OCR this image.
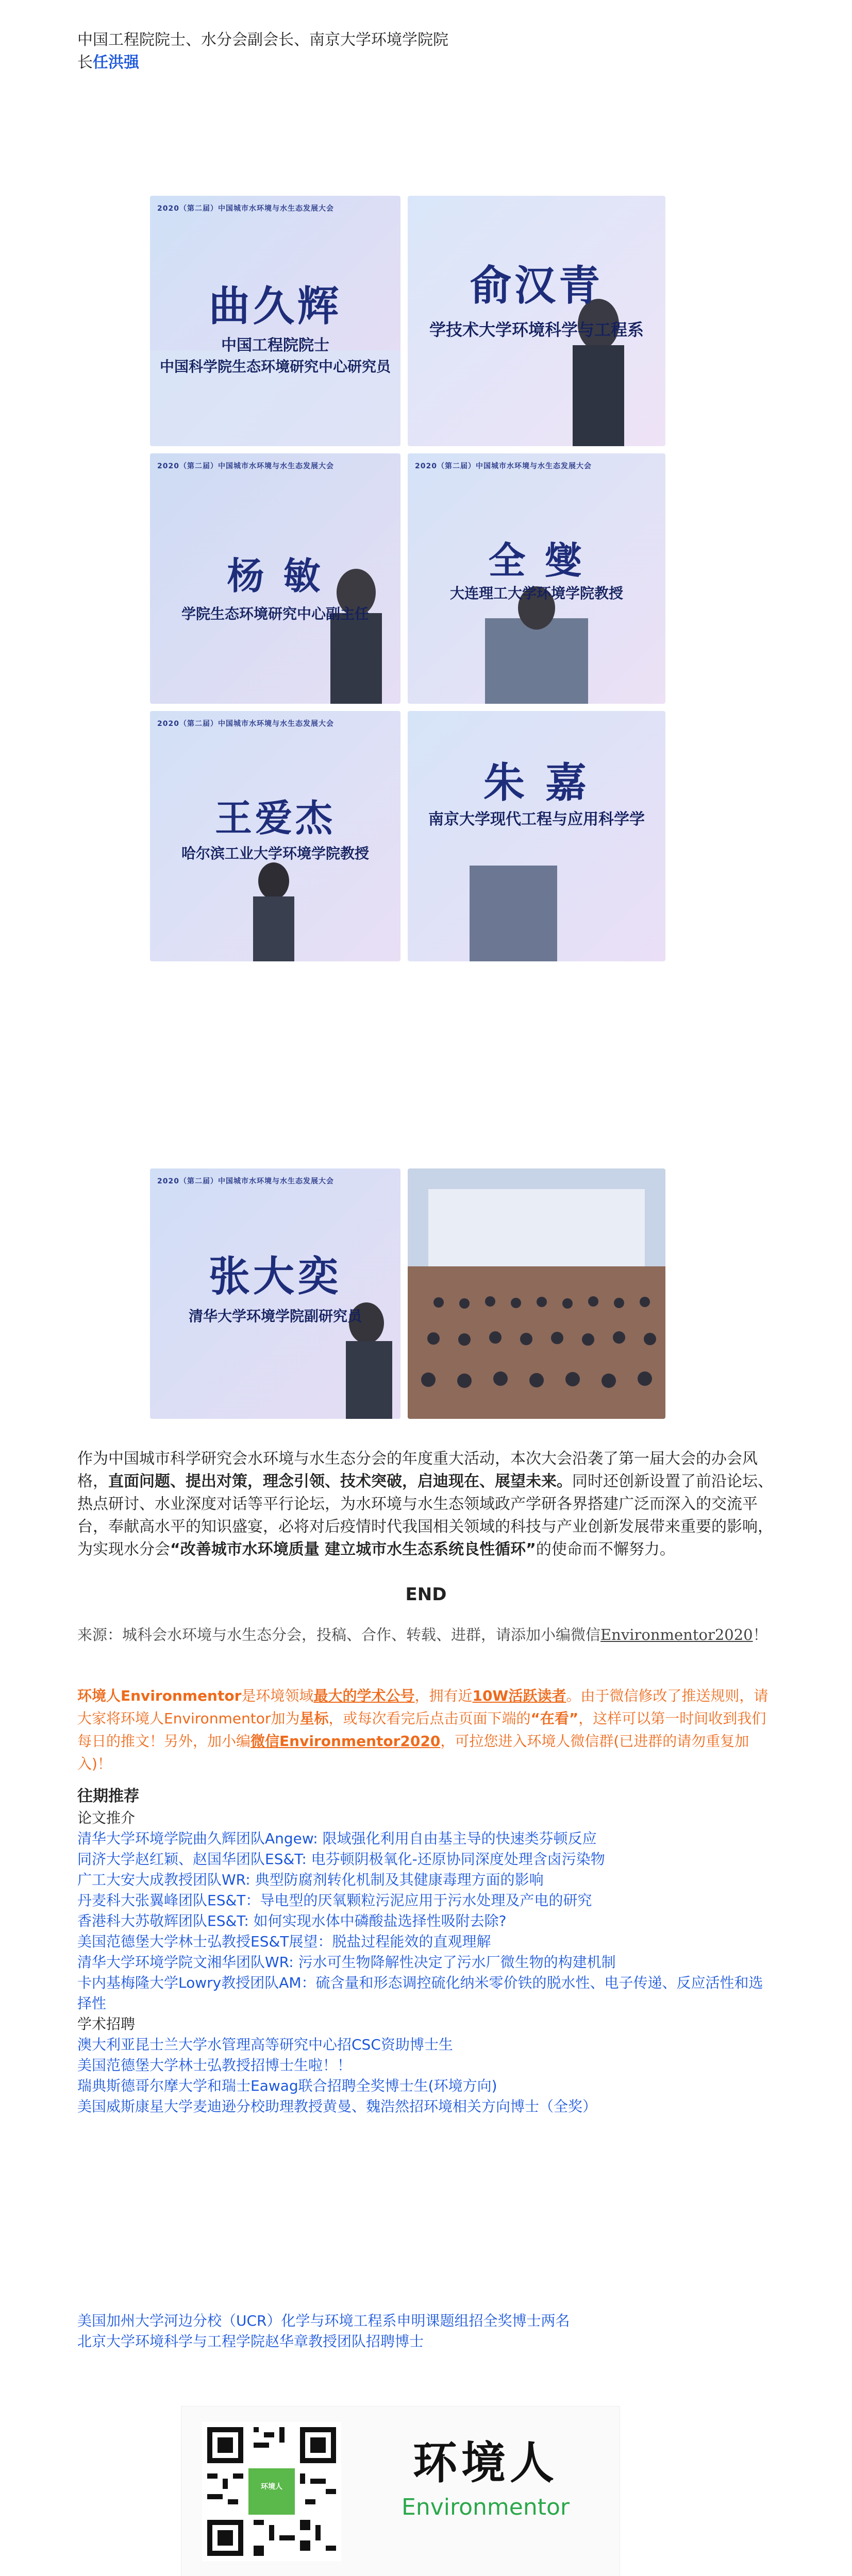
中国工程院院士、水分会副会长、南京大学环境学院院
长任洪强
2020（第二届）中国城市水环境与水生态发展大会
曲久辉
中国工程院院士
中国科学院生态环境研究中心研究员
俞汉青
学技术大学环境科学与工程系
2020（第二届）中国城市水环境与水生态发展大会
杨 敏
学院生态环境研究中心副主任
2020（第二届）中国城市水环境与水生态发展大会
全 燮
大连理工大学环境学院教授
2020（第二届）中国城市水环境与水生态发展大会
王爱杰
哈尔滨工业大学环境学院教授
朱 嘉
南京大学现代工程与应用科学学
2020（第二届）中国城市水环境与水生态发展大会
张大奕
清华大学环境学院副研究员
作为中国城市科学研究会水环境与水生态分会的年度重大活动，本次大会沿袭了第一届大会的办会风格，直面问题、提出对策，理念引领、技术突破，启迪现在、展望未来。同时还创新设置了前沿论坛、热点研讨、水业深度对话等平行论坛，为水环境与水生态领域政产学研各界搭建广泛而深入的交流平台，奉献高水平的知识盛宴，必将对后疫情时代我国相关领域的科技与产业创新发展带来重要的影响，为实现水分会“改善城市水环境质量 建立城市水生态系统良性循环”的使命而不懈努力。
END
来源：城科会水环境与水生态分会，投稿、合作、转载、进群，请添加小编微信Environmentor2020！
环境人Environmentor是环境领域最大的学术公号，拥有近10W活跃读者。由于微信修改了推送规则，请大家将环境人Environmentor加为星标，或每次看完后点击页面下端的“在看”，这样可以第一时间收到我们每日的推文！另外，加小编微信Environmentor2020，可拉您进入环境人微信群(已进群的请勿重复加入)！
往期推荐
论文推介
清华大学环境学院曲久辉团队Angew: 限域强化利用自由基主导的快速类芬顿反应
同济大学赵红颖、赵国华团队ES&T: 电芬顿阴极氧化-还原协同深度处理含卤污染物
广工大安大成教授团队WR: 典型防腐剂转化机制及其健康毒理方面的影响
丹麦科大张翼峰团队ES&T：导电型的厌氧颗粒污泥应用于污水处理及产电的研究
香港科大苏敬辉团队ES&T: 如何实现水体中磷酸盐选择性吸附去除?
美国范德堡大学林士弘教授ES&T展望：脱盐过程能效的直观理解
清华大学环境学院文湘华团队WR: 污水可生物降解性决定了污水厂微生物的构建机制
卡内基梅隆大学Lowry教授团队AM：硫含量和形态调控硫化纳米零价铁的脱水性、电子传递、反应活性和选择性
学术招聘
澳大利亚昆士兰大学水管理高等研究中心招CSC资助博士生
美国范德堡大学林士弘教授招博士生啦！！
瑞典斯德哥尔摩大学和瑞士Eawag联合招聘全奖博士生(环境方向)
美国威斯康星大学麦迪逊分校助理教授黄曼、魏浩然招环境相关方向博士（全奖）
美国加州大学河边分校（UCR）化学与环境工程系申明课题组招全奖博士两名
北京大学环境科学与工程学院赵华章教授团队招聘博士
环境人	环境人
Environmentor
